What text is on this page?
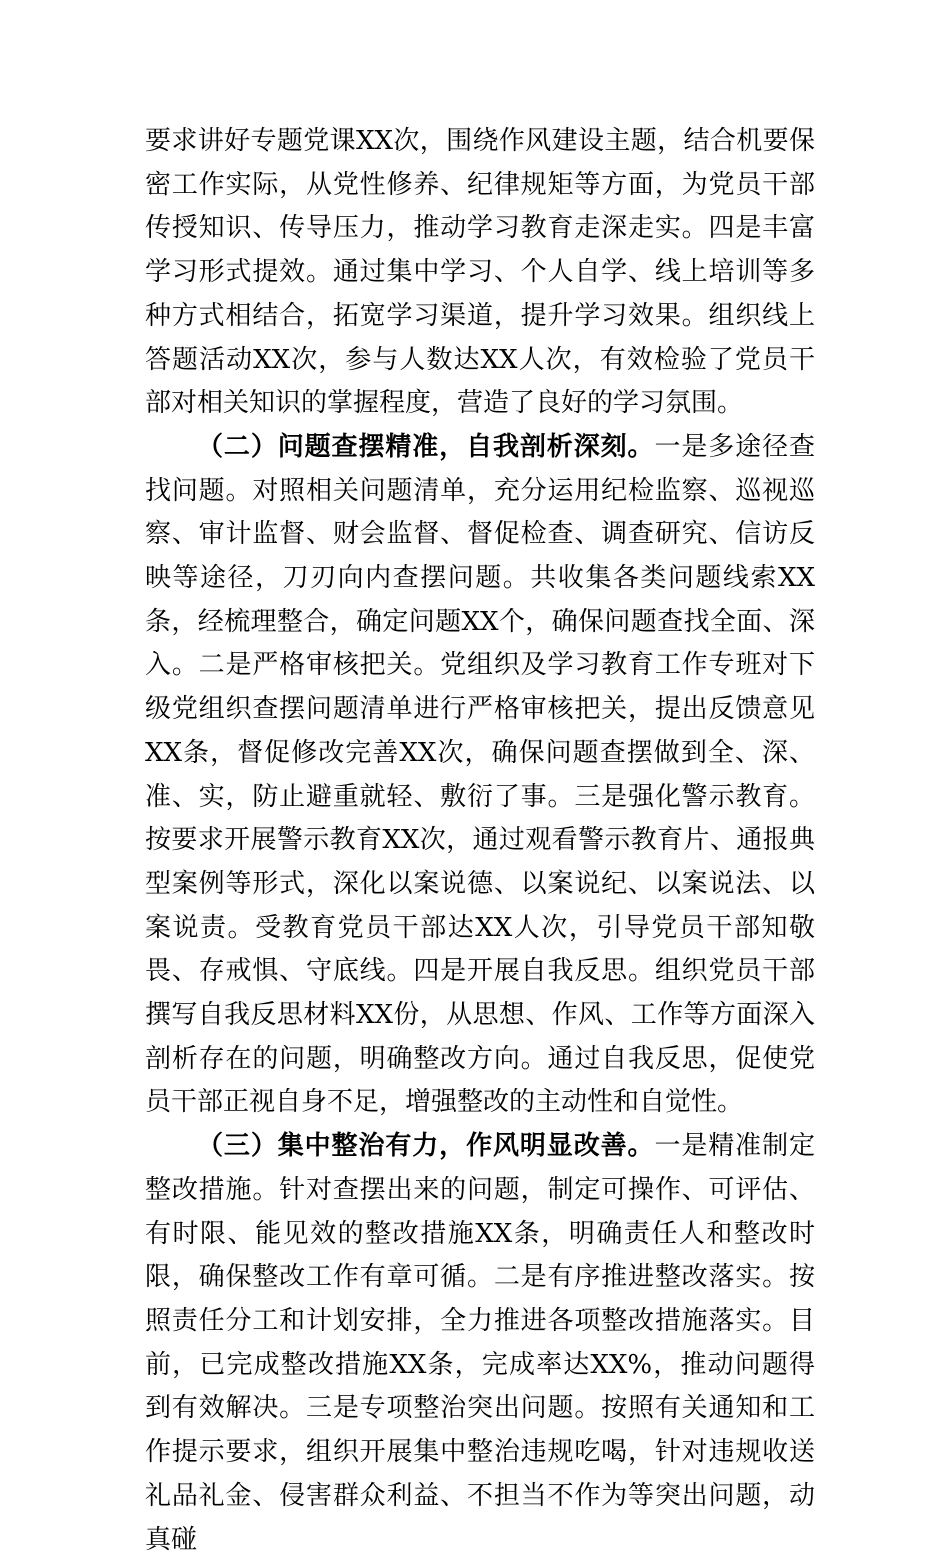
要求讲好专题党课XX次，围绕作风建设主题，结合机要保密工作实际，从党性修养、纪律规矩等方面，为党员干部传授知识、传导压力，推动学习教育走深走实。四是丰富学习形式提效。通过集中学习、个人自学、线上培训等多种方式相结合，拓宽学习渠道，提升学习效果。组织线上答题活动XX次，参与人数达XX人次，有效检验了党员干部对相关知识的掌握程度，营造了良好的学习氛围。

（二）问题查摆精准，自我剖析深刻。一是多途径查找问题。对照相关问题清单，充分运用纪检监察、巡视巡察、审计监督、财会监督、督促检查、调查研究、信访反映等途径，刀刃向内查摆问题。共收集各类问题线索XX条，经梳理整合，确定问题XX个，确保问题查找全面、深入。二是严格审核把关。党组织及学习教育工作专班对下级党组织查摆问题清单进行严格审核把关，提出反馈意见XX条，督促修改完善XX次，确保问题查摆做到全、深、准、实，防止避重就轻、敷衍了事。三是强化警示教育。按要求开展警示教育XX次，通过观看警示教育片、通报典型案例等形式，深化以案说德、以案说纪、以案说法、以案说责。受教育党员干部达XX人次，引导党员干部知敬畏、存戒惧、守底线。四是开展自我反思。组织党员干部撰写自我反思材料XX份，从思想、作风、工作等方面深入剖析存在的问题，明确整改方向。通过自我反思，促使党员干部正视自身不足，增强整改的主动性和自觉性。

（三）集中整治有力，作风明显改善。一是精准制定整改措施。针对查摆出来的问题，制定可操作、可评估、有时限、能见效的整改措施XX条，明确责任人和整改时限，确保整改工作有章可循。二是有序推进整改落实。按照责任分工和计划安排，全力推进各项整改措施落实。目前，已完成整改措施XX条，完成率达XX%，推动问题得到有效解决。三是专项整治突出问题。按照有关通知和工作提示要求，组织开展集中整治违规吃喝，针对违规收送礼品礼金、侵害群众利益、不担当不作为等突出问题，动真碰
